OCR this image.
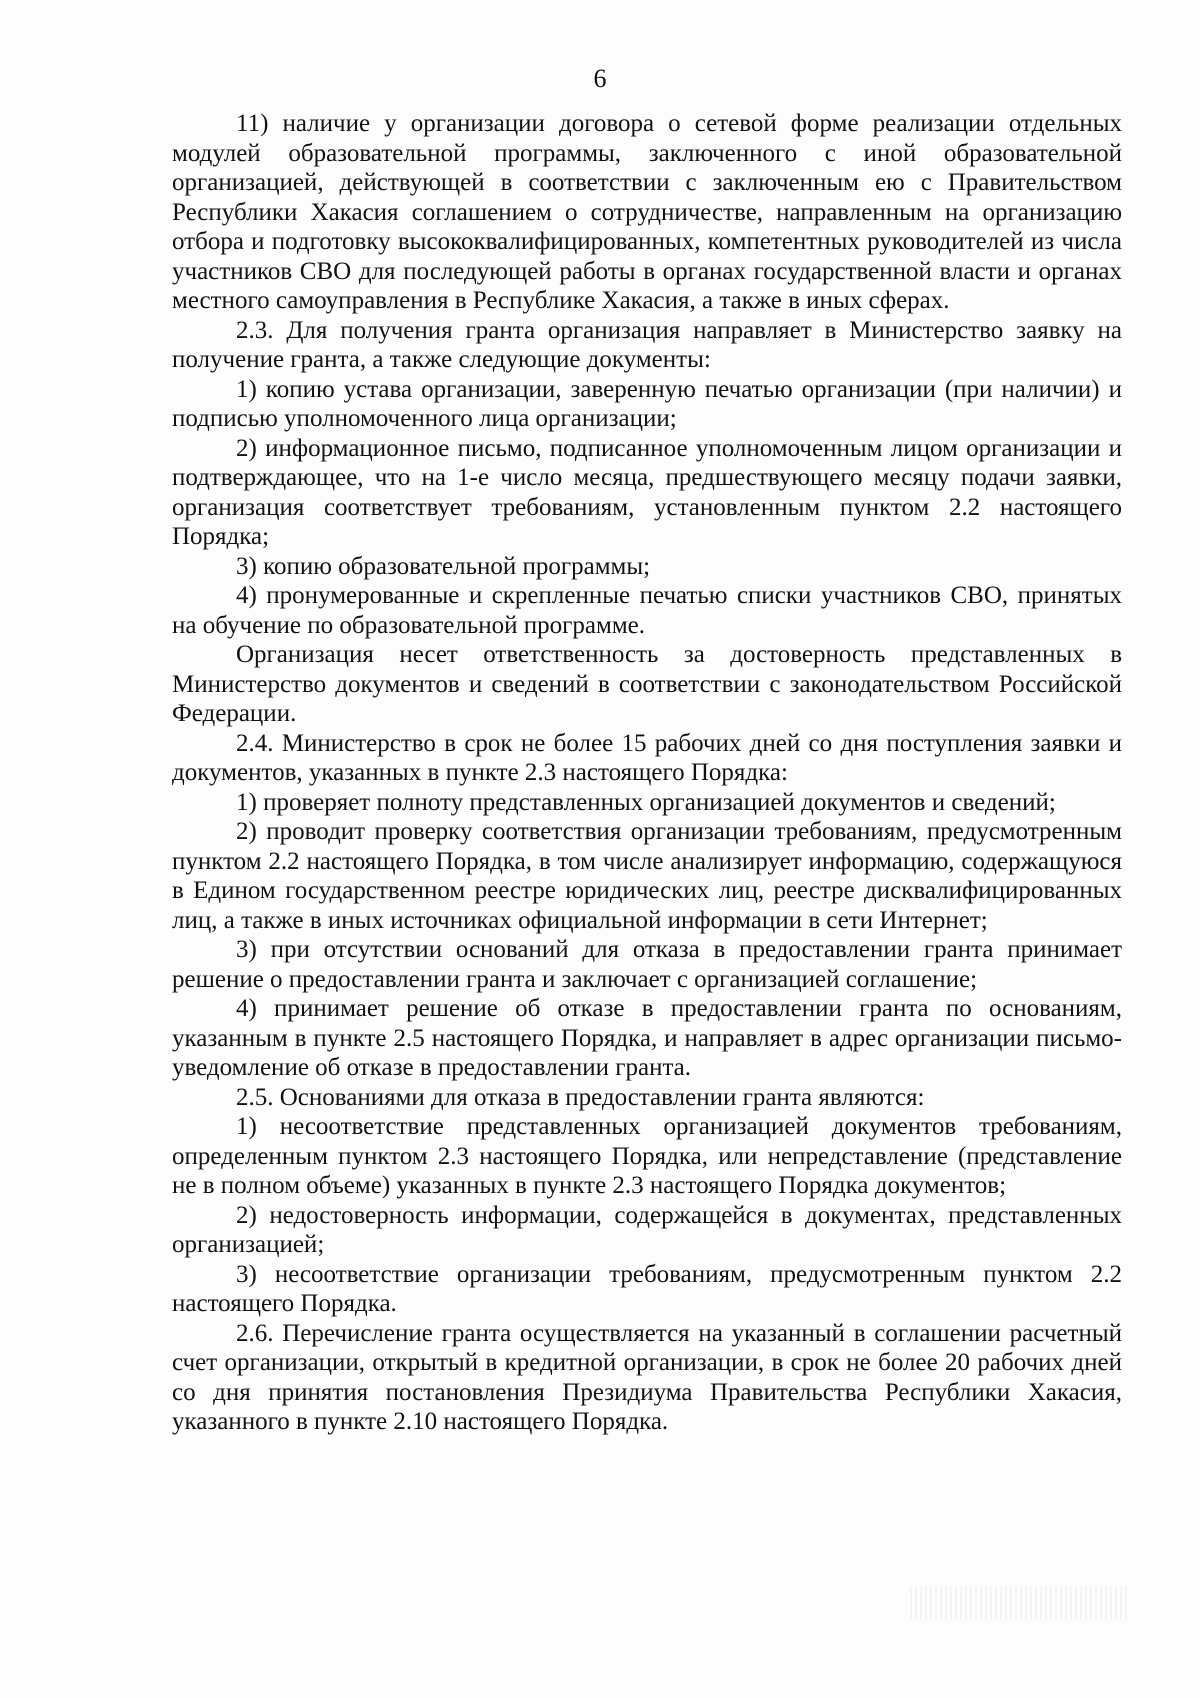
6

11) наличие у организации договора о сетевой форме реализации отдельных модулей образовательной программы, заключенного с иной образовательной организацией, действующей в соответствии с заключенным ею с Правительством Республики Хакасия соглашением о сотрудничестве, направленным на организацию отбора и подготовку высококвалифицированных, компетентных руководителей из числа участников СВО для последующей работы в органах государственной власти и органах местного самоуправления в Республике Хакасия, а также в иных сферах.

2.3. Для получения гранта организация направляет в Министерство заявку на получение гранта, а также следующие документы:

1) копию устава организации, заверенную печатью организации (при наличии) и подписью уполномоченного лица организации;

2) информационное письмо, подписанное уполномоченным лицом организации и подтверждающее, что на 1-е число месяца, предшествующего месяцу подачи заявки, организация соответствует требованиям, установленным пунктом 2.2 настоящего Порядка;

3) копию образовательной программы;

4) пронумерованные и скрепленные печатью списки участников СВО, принятых на обучение по образовательной программе.

Организация несет ответственность за достоверность представленных в Министерство документов и сведений в соответствии с законодательством Российской Федерации.

2.4. Министерство в срок не более 15 рабочих дней со дня поступления заявки и документов, указанных в пункте 2.3 настоящего Порядка:

1) проверяет полноту представленных организацией документов и сведений;

2) проводит проверку соответствия организации требованиям, предусмотренным пунктом 2.2 настоящего Порядка, в том числе анализирует информацию, содержащуюся в Едином государственном реестре юридических лиц, реестре дисквалифицированных лиц, а также в иных источниках официальной информации в сети Интернет;

3) при отсутствии оснований для отказа в предоставлении гранта принимает решение о предоставлении гранта и заключает с организацией соглашение;

4) принимает решение об отказе в предоставлении гранта по основаниям, указанным в пункте 2.5 настоящего Порядка, и направляет в адрес организации письмо-уведомление об отказе в предоставлении гранта.

2.5. Основаниями для отказа в предоставлении гранта являются:

1) несоответствие представленных организацией документов требованиям, определенным пунктом 2.3 настоящего Порядка, или непредставление (представление не в полном объеме) указанных в пункте 2.3 настоящего Порядка документов;

2) недостоверность информации, содержащейся в документах, представленных организацией;

3) несоответствие организации требованиям, предусмотренным пунктом 2.2 настоящего Порядка.

2.6. Перечисление гранта осуществляется на указанный в соглашении расчетный счет организации, открытый в кредитной организации, в срок не более 20 рабочих дней со дня принятия постановления Президиума Правительства Республики Хакасия, указанного в пункте 2.10 настоящего Порядка.
